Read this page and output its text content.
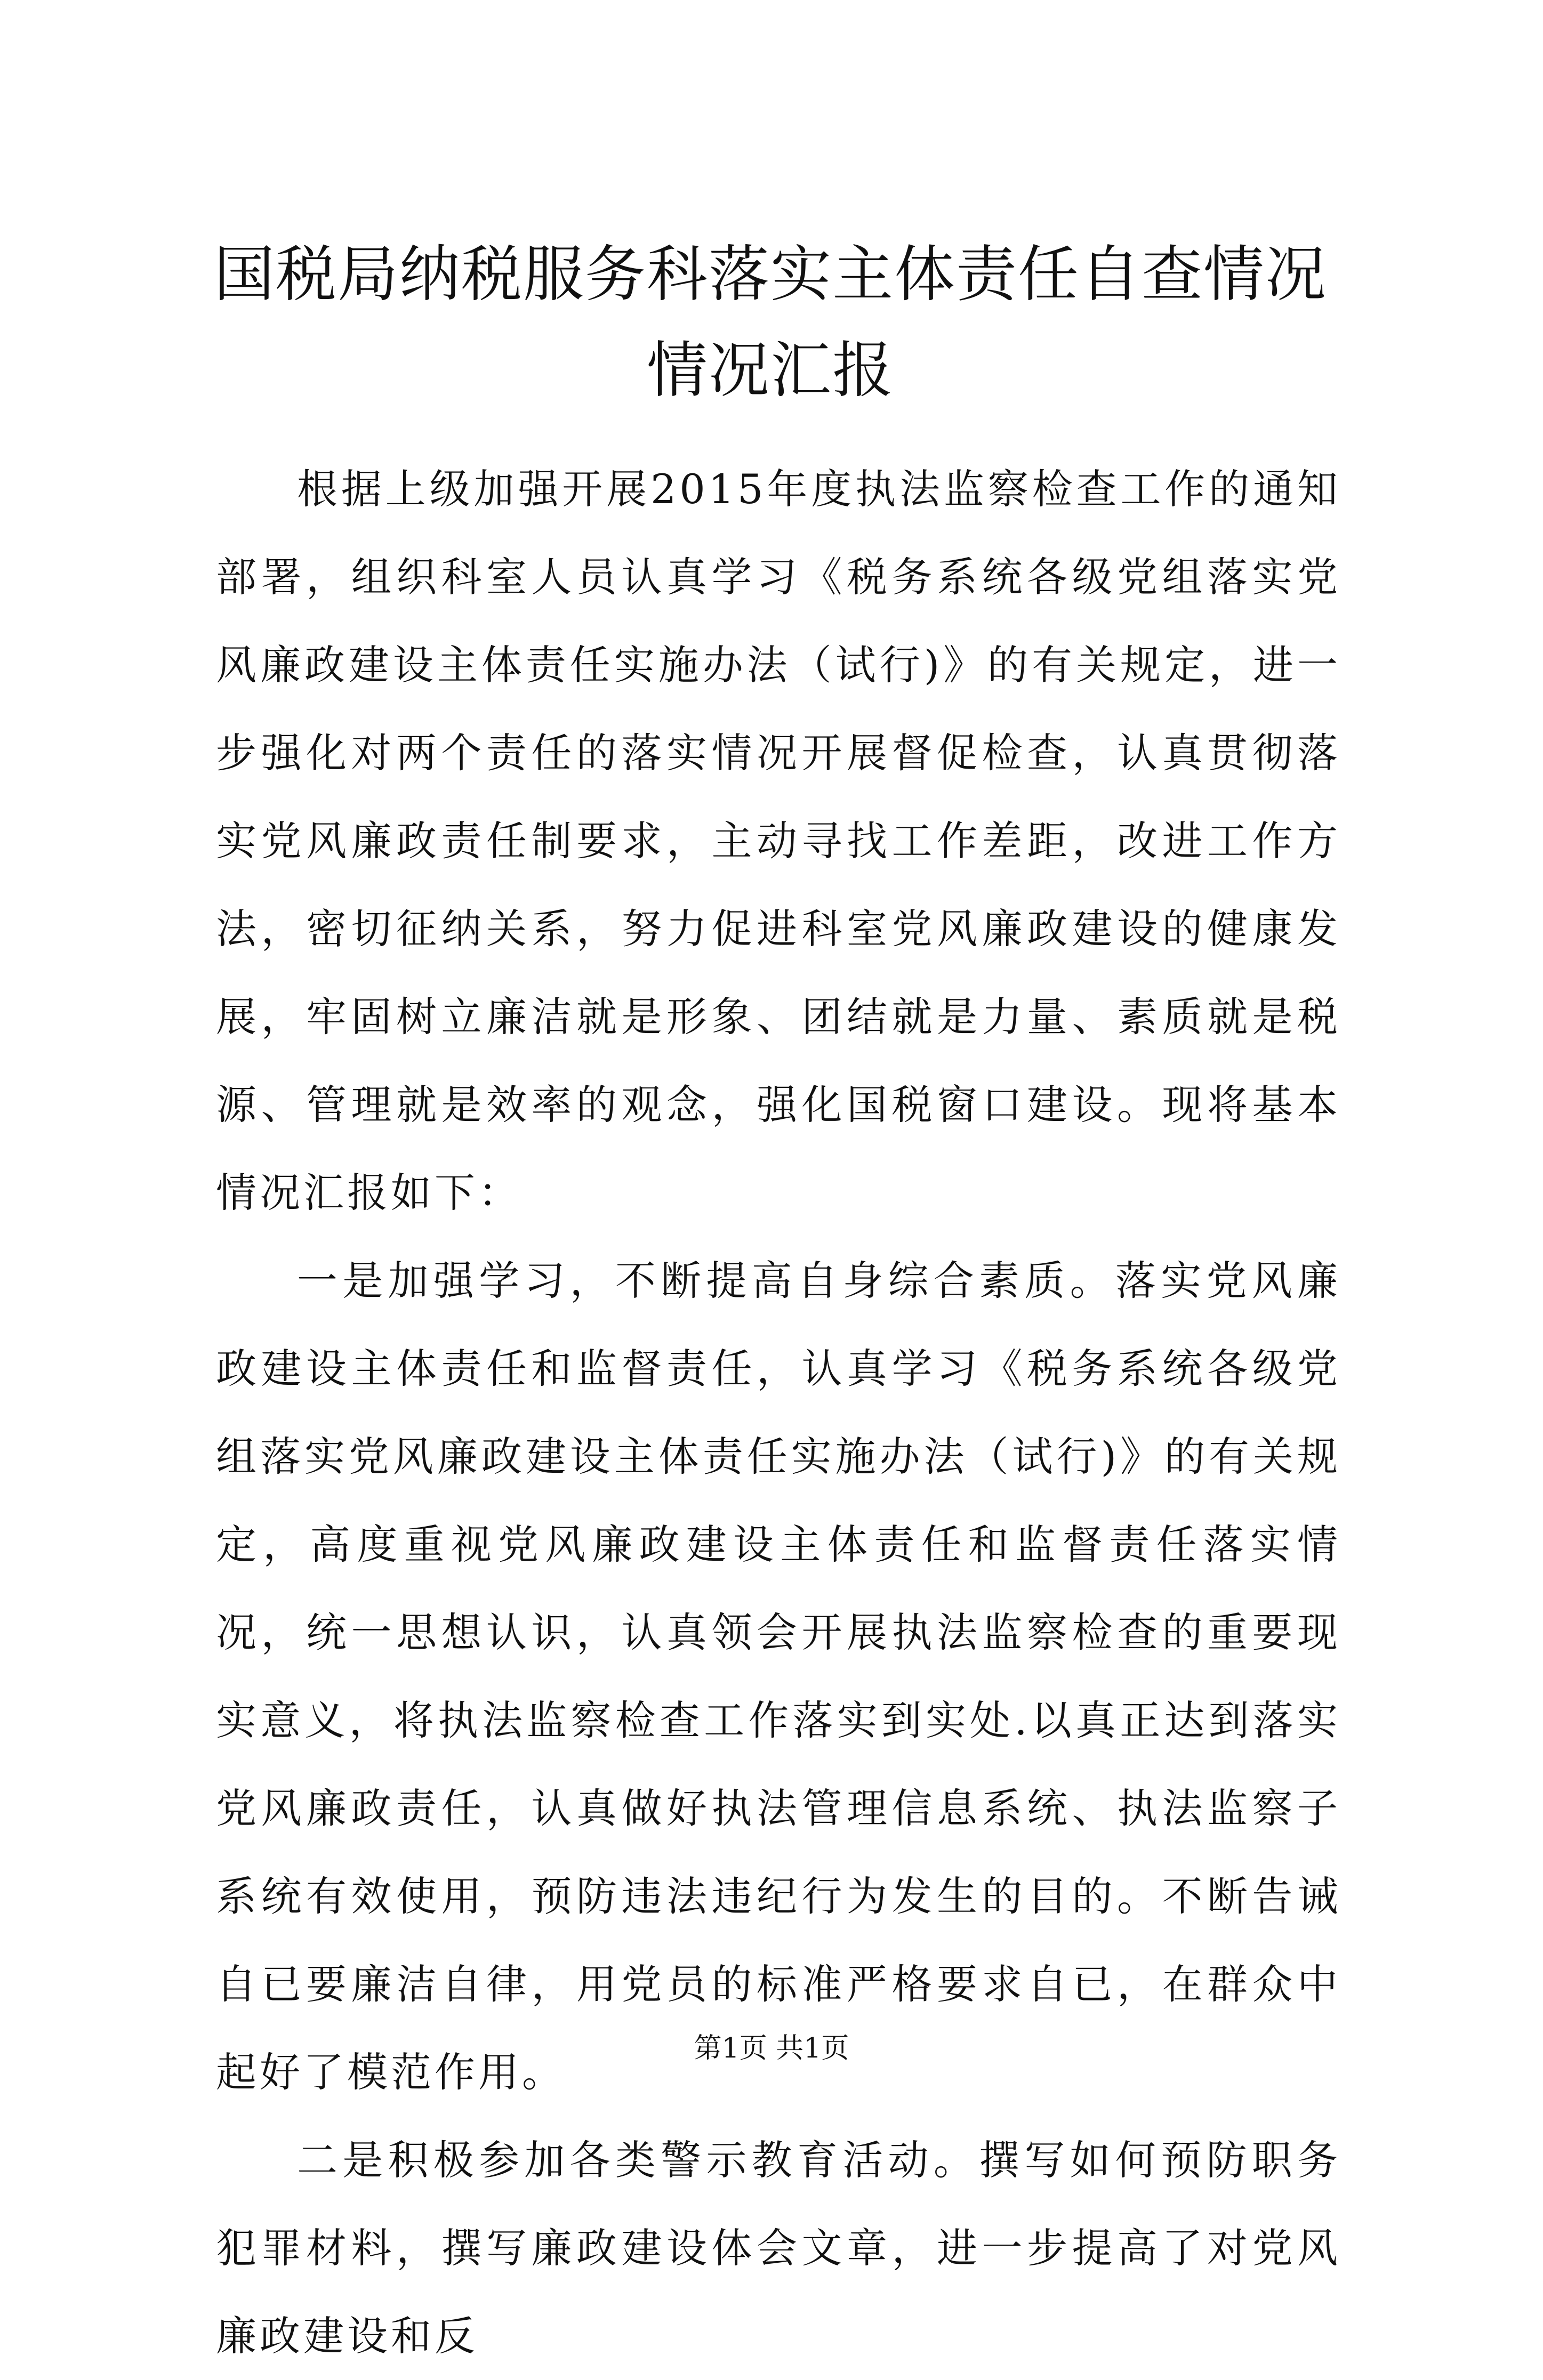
国税局纳税服务科落实主体责任自查情况情况汇报

根据上级加强开展2015年度执法监察检查工作的通知部署，组织科室人员认真学习《税务系统各级党组落实党风廉政建设主体责任实施办法（试行)》的有关规定，进一步强化对两个责任的落实情况开展督促检查，认真贯彻落实党风廉政责任制要求，主动寻找工作差距，改进工作方法，密切征纳关系，努力促进科室党风廉政建设的健康发展，牢固树立廉洁就是形象、团结就是力量、素质就是税源、管理就是效率的观念，强化国税窗口建设。现将基本情况汇报如下：

一是加强学习，不断提高自身综合素质。落实党风廉政建设主体责任和监督责任，认真学习《税务系统各级党组落实党风廉政建设主体责任实施办法（试行)》的有关规定，高度重视党风廉政建设主体责任和监督责任落实情况，统一思想认识，认真领会开展执法监察检查的重要现实意义，将执法监察检查工作落实到实处.以真正达到落实党风廉政责任，认真做好执法管理信息系统、执法监察子系统有效使用，预防违法违纪行为发生的目的。不断告诫自已要廉洁自律，用党员的标准严格要求自已，在群众中起好了模范作用。

二是积极参加各类警示教育活动。撰写如何预防职务犯罪材料，撰写廉政建设体会文章，进一步提高了对党风廉政建设和反

第1页 共1页
